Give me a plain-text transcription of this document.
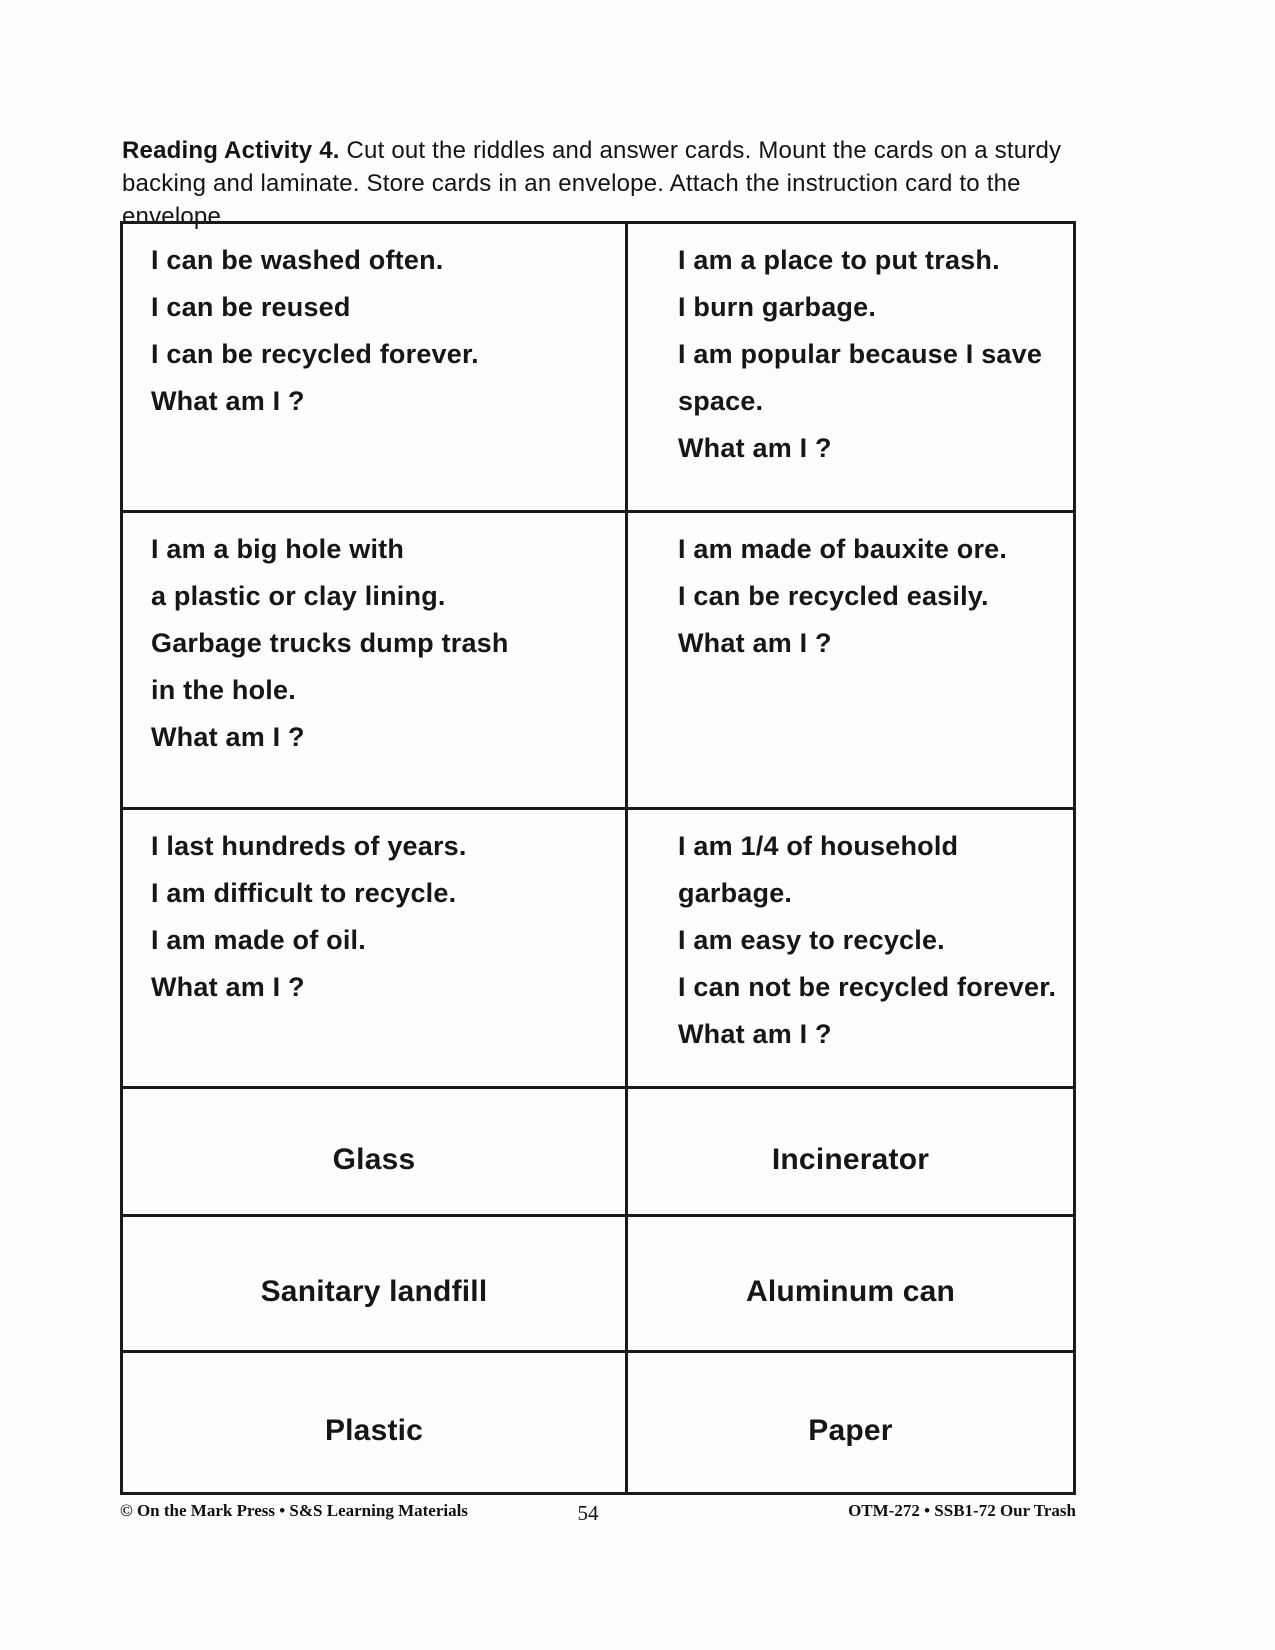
Reading Activity 4. Cut out the riddles and answer cards. Mount the cards on a sturdy backing and laminate. Store cards in an envelope. Attach the instruction card to the envelope.

I can be washed often.
I can be reused
I can be recycled forever.
What am I ?
I am a place to put trash.
I burn garbage.
I am popular because I save
space.
What am I ?
I am a big hole with
a plastic or clay lining.
Garbage trucks dump trash
in the hole.
What am I ?
I am made of bauxite ore.
I can be recycled easily.
What am I ?
I last hundreds of years.
I am difficult to recycle.
I am made of oil.
What am I ?
I am 1/4 of household
garbage.
I am easy to recycle.
I can not be recycled forever.
What am I ?
Glass	Incinerator
Sanitary landfill	Aluminum can
Plastic	Paper
© On the Mark Press • S&S Learning Materials	54	OTM-272 • SSB1-72 Our Trash
